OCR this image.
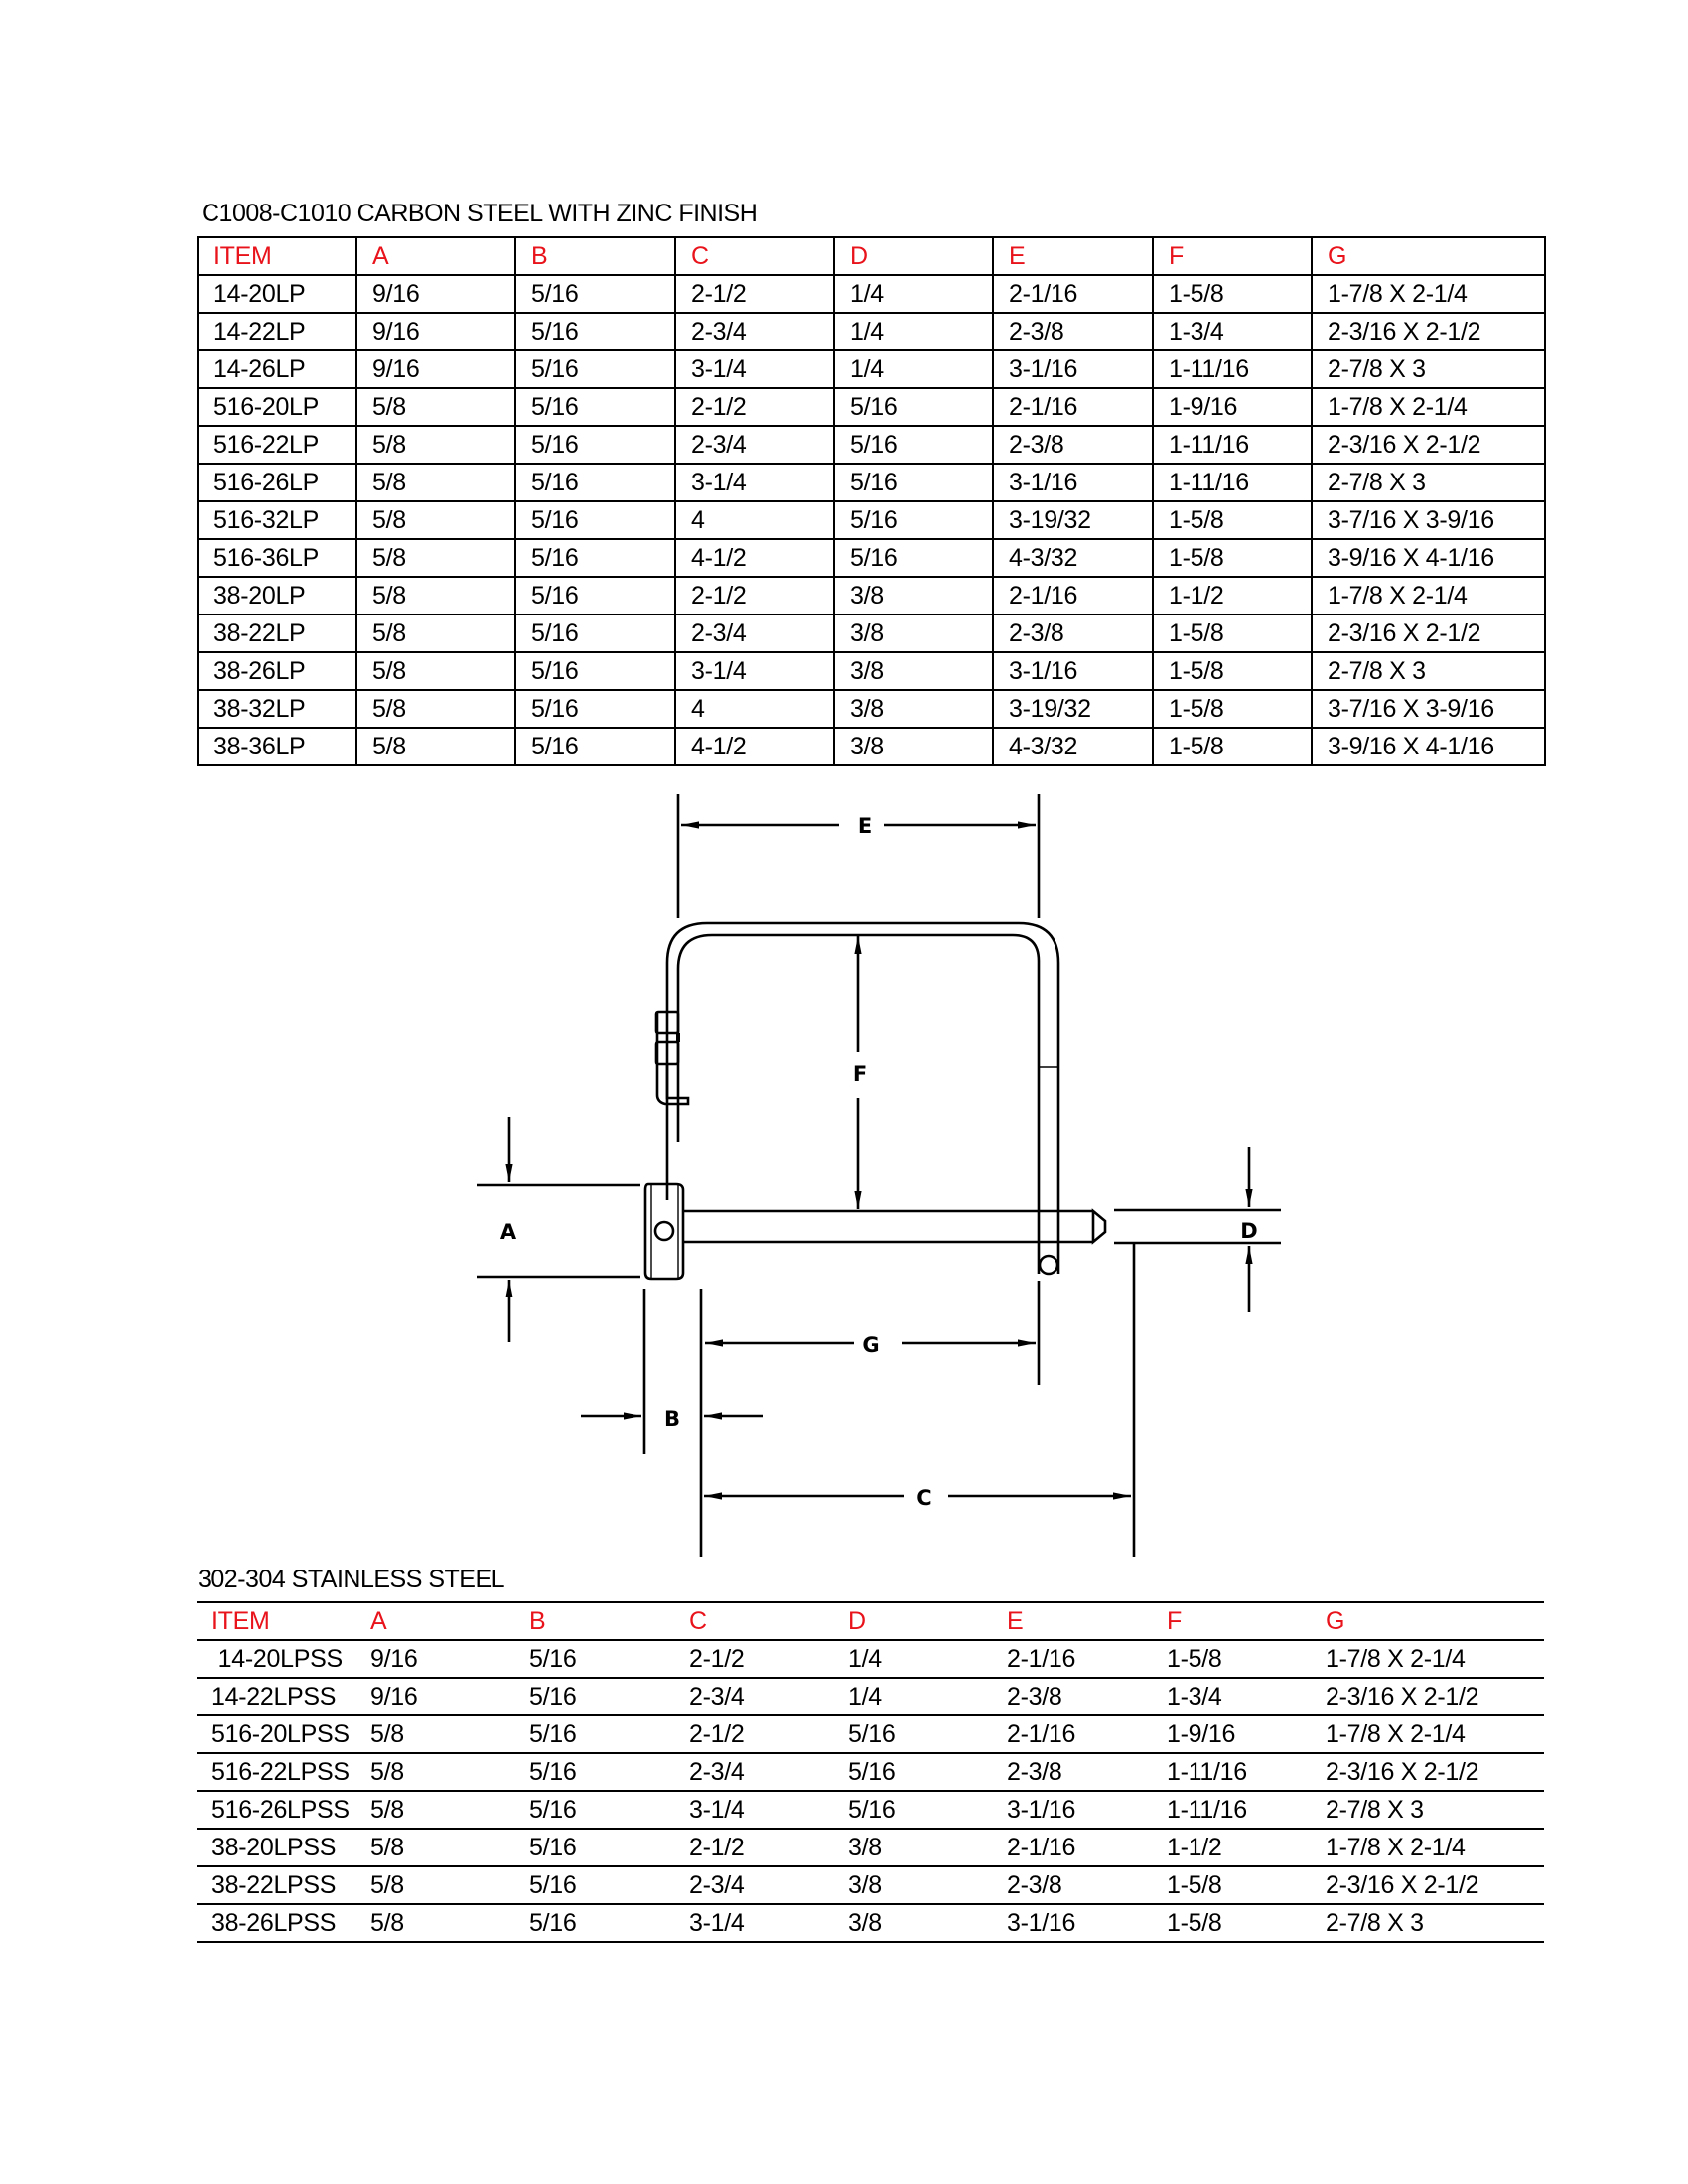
C1008-C1010 CARBON STEEL WITH ZINC FINISH
ITEM	A	B	C	D	E	F	G
14-20LP	9/16	5/16	2-1/2	1/4	2-1/16	1-5/8	1-7/8 X 2-1/4
14-22LP	9/16	5/16	2-3/4	1/4	2-3/8	1-3/4	2-3/16 X 2-1/2
14-26LP	9/16	5/16	3-1/4	1/4	3-1/16	1-11/16	2-7/8 X 3
516-20LP	5/8	5/16	2-1/2	5/16	2-1/16	1-9/16	1-7/8 X 2-1/4
516-22LP	5/8	5/16	2-3/4	5/16	2-3/8	1-11/16	2-3/16 X 2-1/2
516-26LP	5/8	5/16	3-1/4	5/16	3-1/16	1-11/16	2-7/8 X 3
516-32LP	5/8	5/16	4	5/16	3-19/32	1-5/8	3-7/16 X 3-9/16
516-36LP	5/8	5/16	4-1/2	5/16	4-3/32	1-5/8	3-9/16 X 4-1/16
38-20LP	5/8	5/16	2-1/2	3/8	2-1/16	1-1/2	1-7/8 X 2-1/4
38-22LP	5/8	5/16	2-3/4	3/8	2-3/8	1-5/8	2-3/16 X 2-1/2
38-26LP	5/8	5/16	3-1/4	3/8	3-1/16	1-5/8	2-7/8 X 3
38-32LP	5/8	5/16	4	3/8	3-19/32	1-5/8	3-7/16 X 3-9/16
38-36LP	5/8	5/16	4-1/2	3/8	4-3/32	1-5/8	3-9/16 X 4-1/16
E
F
A	D
G
B
C
302-304 STAINLESS STEEL
ITEM	A	B	C	D	E	F	G
14-20LPSS	9/16	5/16	2-1/2	1/4	2-1/16	1-5/8	1-7/8 X 2-1/4
14-22LPSS	9/16	5/16	2-3/4	1/4	2-3/8	1-3/4	2-3/16 X 2-1/2
516-20LPSS	5/8	5/16	2-1/2	5/16	2-1/16	1-9/16	1-7/8 X 2-1/4
516-22LPSS	5/8	5/16	2-3/4	5/16	2-3/8	1-11/16	2-3/16 X 2-1/2
516-26LPSS	5/8	5/16	3-1/4	5/16	3-1/16	1-11/16	2-7/8 X 3
38-20LPSS	5/8	5/16	2-1/2	3/8	2-1/16	1-1/2	1-7/8 X 2-1/4
38-22LPSS	5/8	5/16	2-3/4	3/8	2-3/8	1-5/8	2-3/16 X 2-1/2
38-26LPSS	5/8	5/16	3-1/4	3/8	3-1/16	1-5/8	2-7/8 X 3
